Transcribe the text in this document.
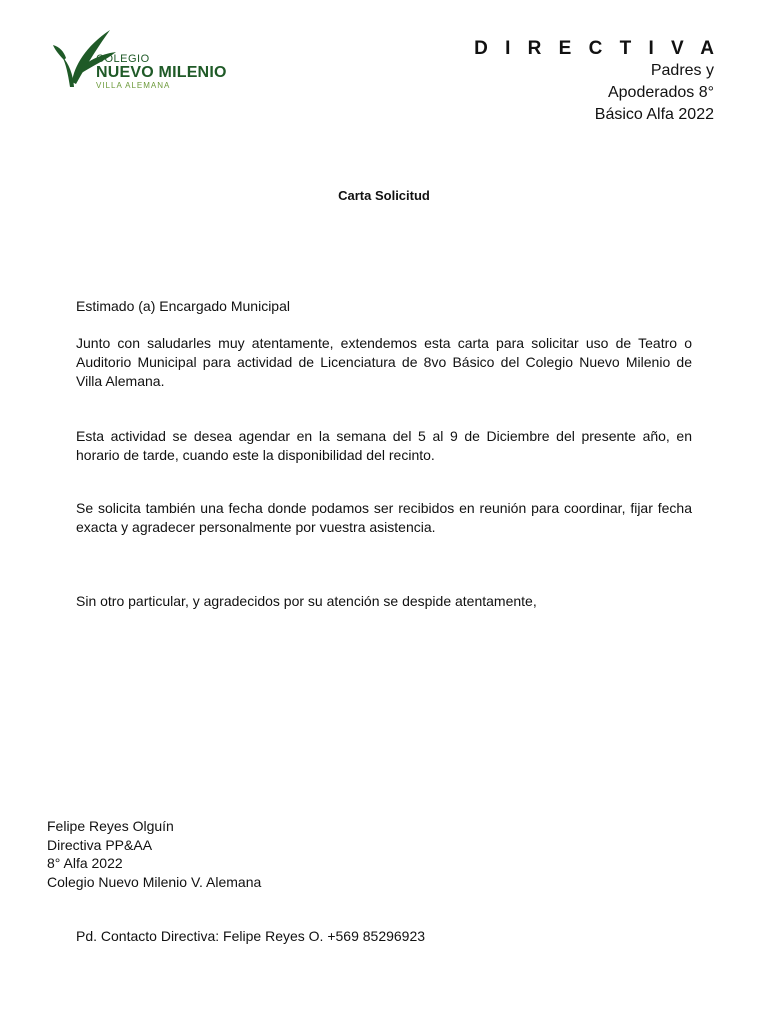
COLEGIO
NUEVO MILENIO
VILLA ALEMANA
D I R E C T I V A
Padres y
Apoderados 8°
Básico Alfa 2022
Carta Solicitud
Estimado (a) Encargado Municipal
Junto con saludarles muy atentamente, extendemos esta carta para solicitar uso de Teatro o Auditorio Municipal para actividad de Licenciatura de 8vo Básico del Colegio Nuevo Milenio de Villa Alemana.
Esta actividad se desea agendar en la semana del 5 al 9 de Diciembre del presente año, en horario de tarde, cuando este la disponibilidad del recinto.
Se solicita también una fecha donde podamos ser recibidos en reunión para coordinar, fijar fecha exacta y agradecer personalmente por vuestra asistencia.
Sin otro particular, y agradecidos por su atención se despide atentamente,
Felipe Reyes Olguín
Directiva PP&AA
8° Alfa 2022
Colegio Nuevo Milenio V. Alemana
Pd. Contacto Directiva: Felipe Reyes O. +569 85296923
